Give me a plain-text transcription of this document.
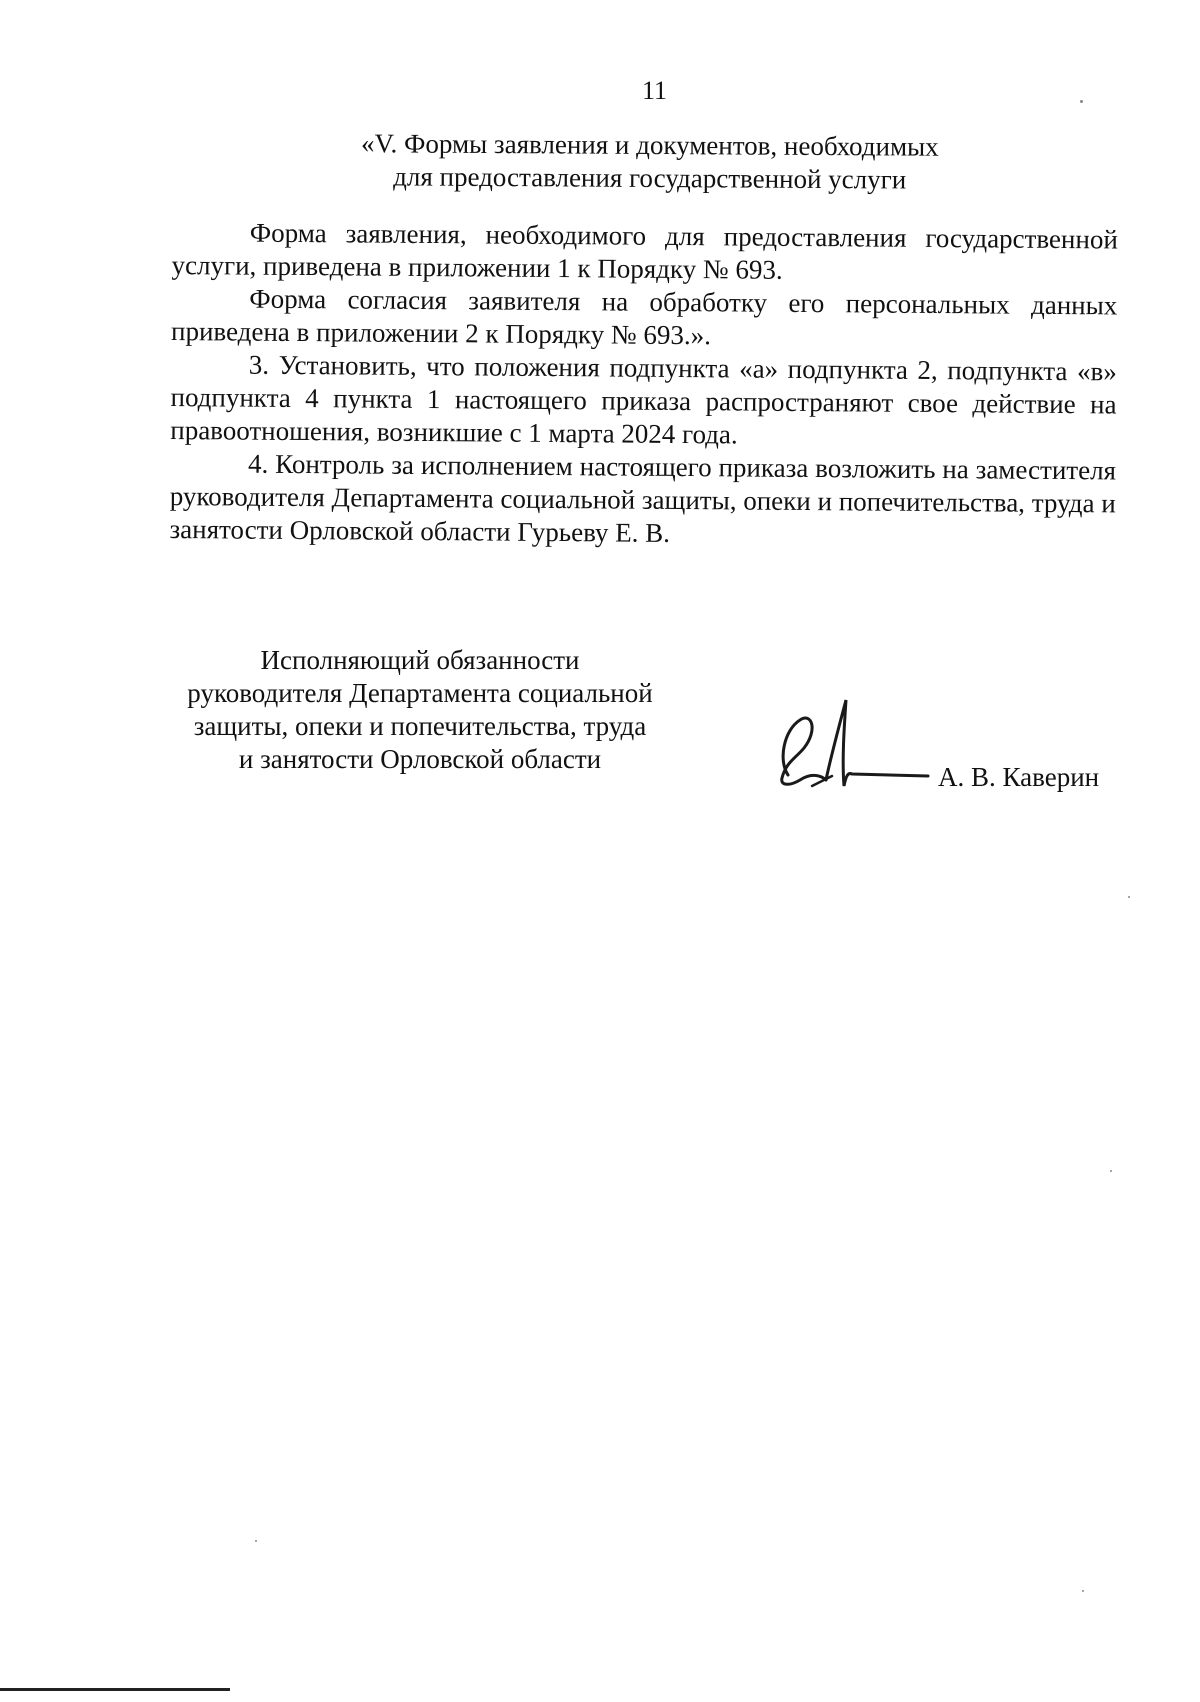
11
«V. Формы заявления и документов, необходимых
для предоставления государственной услуги

Форма заявления, необходимого для предоставления государственной услуги, приведена в приложении 1 к Порядку № 693.

Форма согласия заявителя на обработку его персональных данных приведена в приложении 2 к Порядку № 693.».

3. Установить, что положения подпункта «а» подпункта 2, подпункта «в» подпункта 4 пункта 1 настоящего приказа распространяют свое действие на правоотношения, возникшие с 1 марта 2024 года.

4. Контроль за исполнением настоящего приказа возложить на заместителя руководителя Департамента социальной защиты, опеки и попечительства, труда и занятости Орловской области Гурьеву Е. В.

Исполняющий обязанности
руководителя Департамента социальной
защиты, опеки и попечительства, труда
и занятости Орловской области
А. В. Каверин
